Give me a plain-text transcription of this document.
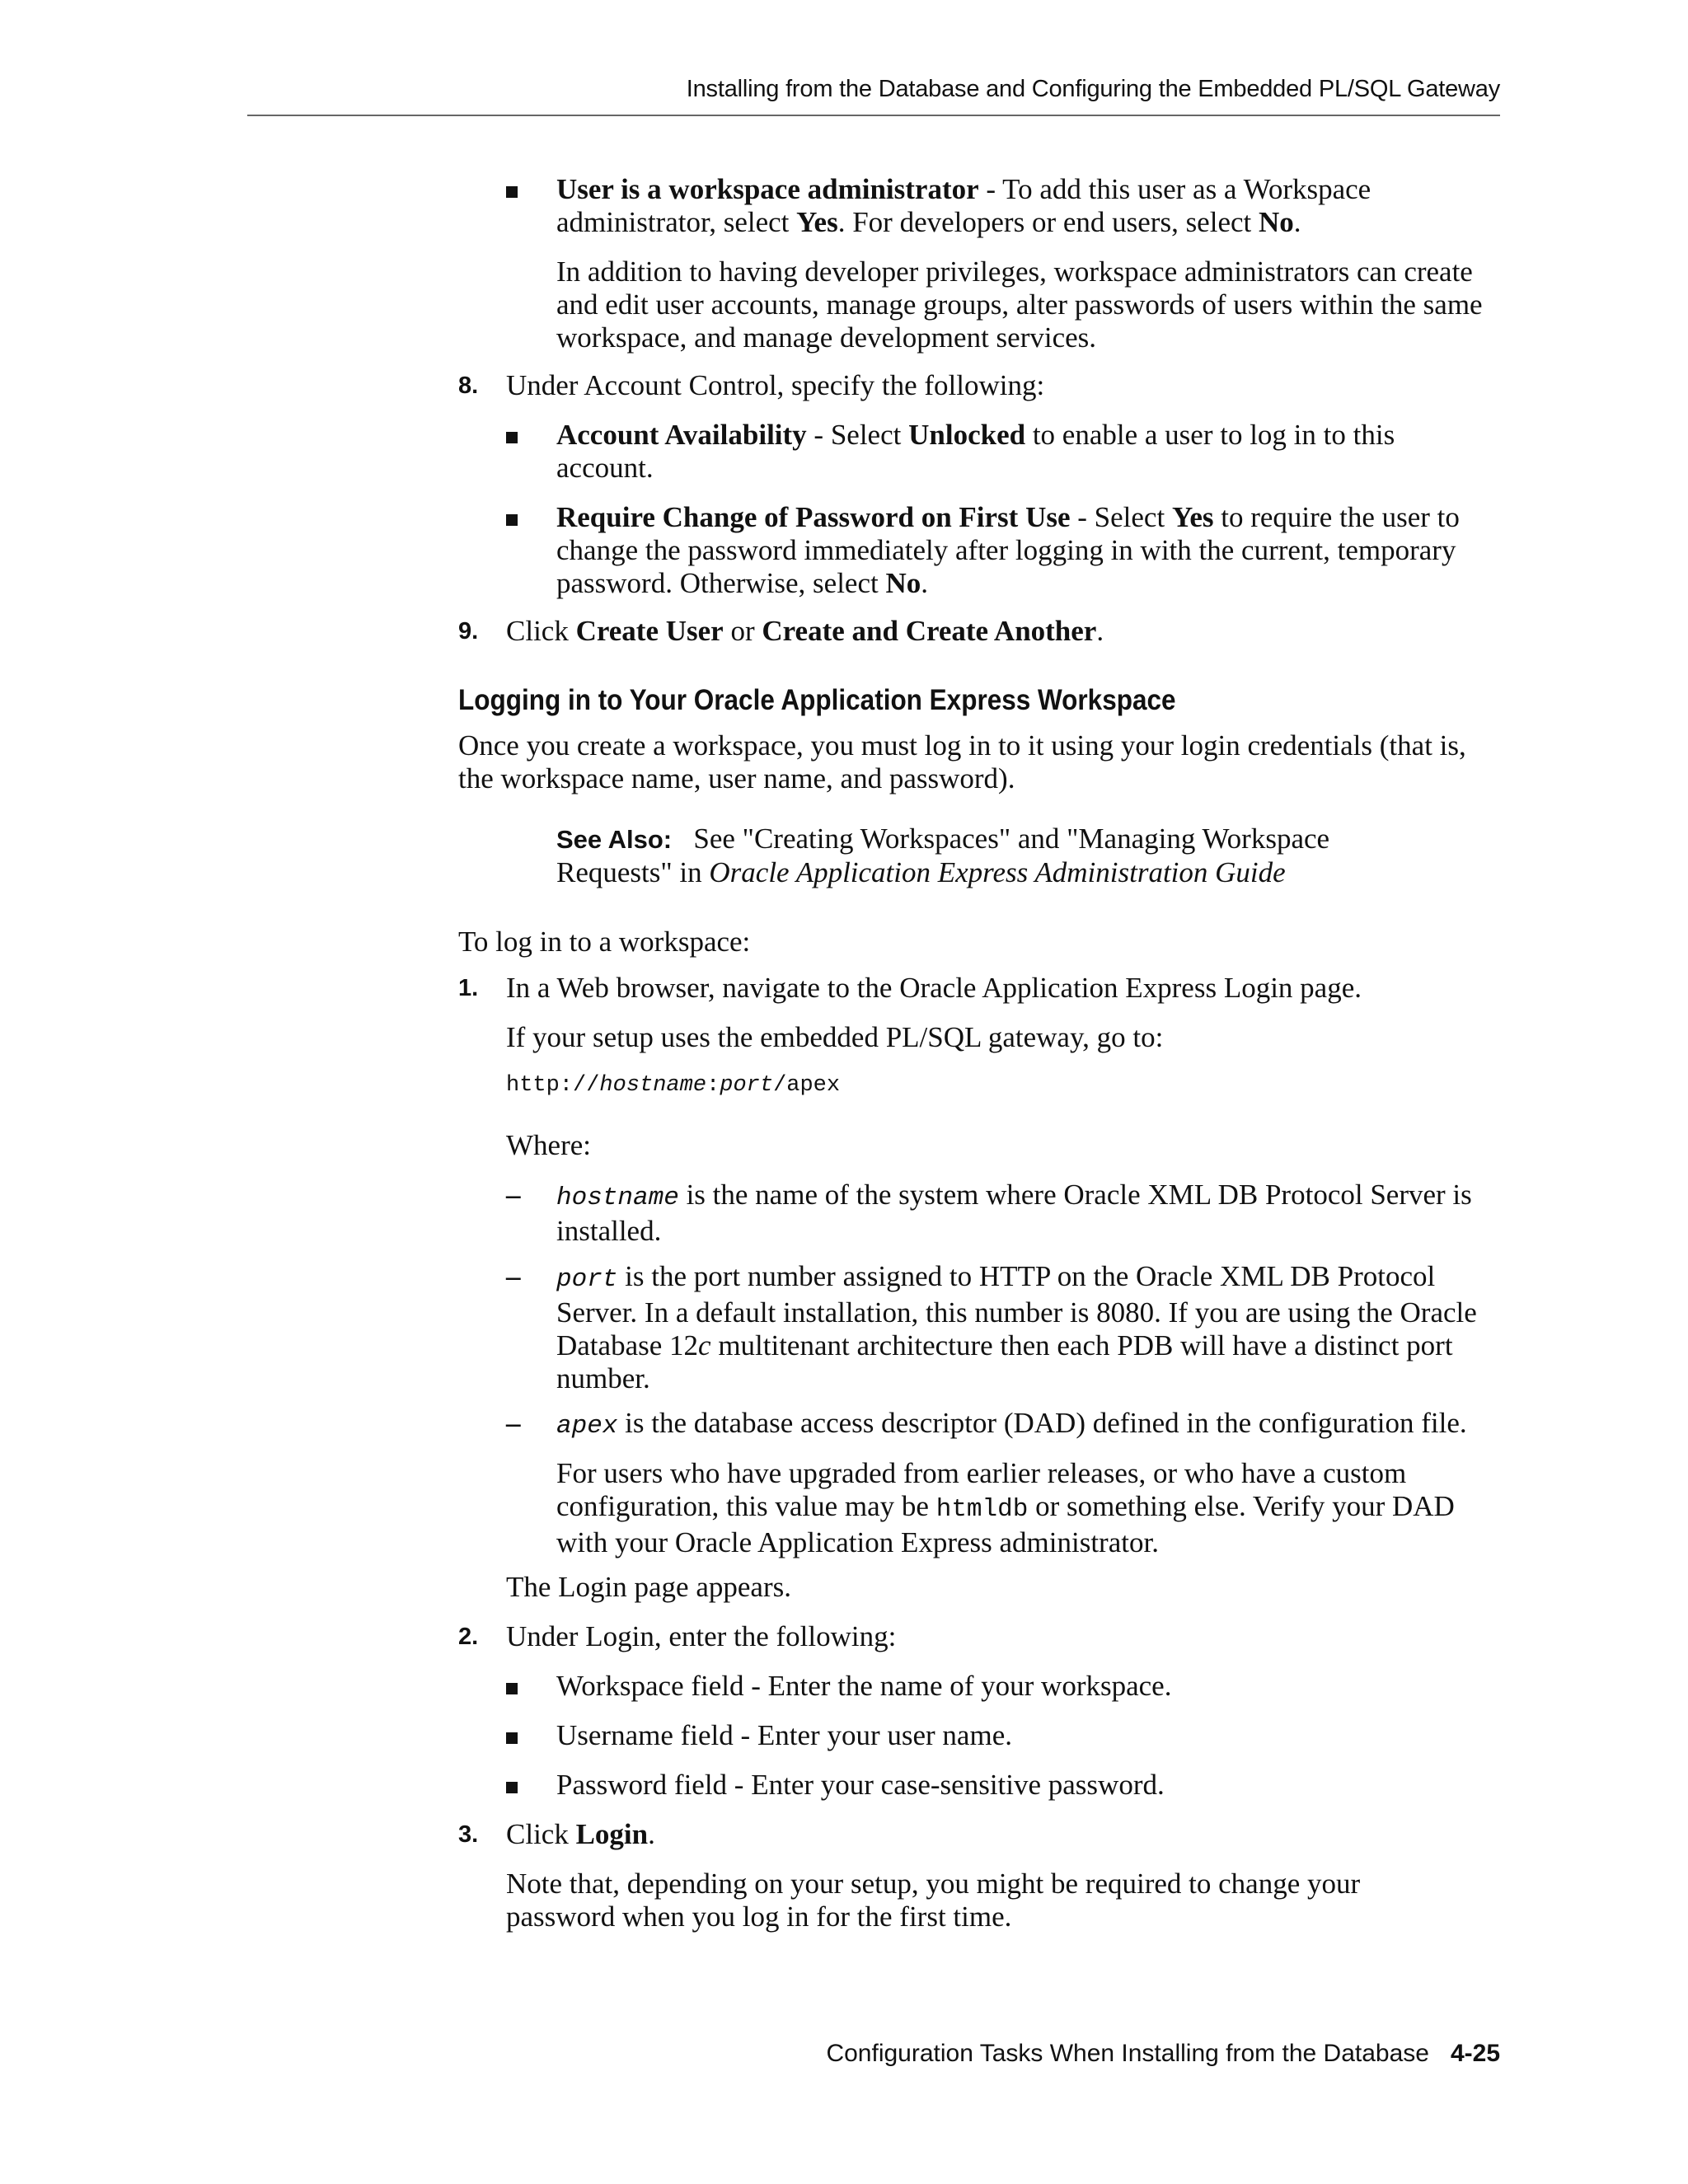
Installing from the Database and Configuring the Embedded PL/SQL Gateway
User is a workspace administrator - To add this user as a Workspace administrator, select Yes. For developers or end users, select No.
In addition to having developer privileges, workspace administrators can create and edit user accounts, manage groups, alter passwords of users within the same workspace, and manage development services.
8. Under Account Control, specify the following:
Account Availability - Select Unlocked to enable a user to log in to this account.
Require Change of Password on First Use - Select Yes to require the user to change the password immediately after logging in with the current, temporary password. Otherwise, select No.
9. Click Create User or Create and Create Another.
Logging in to Your Oracle Application Express Workspace
Once you create a workspace, you must log in to it using your login credentials (that is, the workspace name, user name, and password).
See Also: See "Creating Workspaces" and "Managing Workspace Requests" in Oracle Application Express Administration Guide
To log in to a workspace:
1. In a Web browser, navigate to the Oracle Application Express Login page.
If your setup uses the embedded PL/SQL gateway, go to:
http://hostname:port/apex
Where:
– hostname is the name of the system where Oracle XML DB Protocol Server is installed.
– port is the port number assigned to HTTP on the Oracle XML DB Protocol Server. In a default installation, this number is 8080. If you are using the Oracle Database 12c multitenant architecture then each PDB will have a distinct port number.
– apex is the database access descriptor (DAD) defined in the configuration file.
For users who have upgraded from earlier releases, or who have a custom configuration, this value may be htmldb or something else. Verify your DAD with your Oracle Application Express administrator.
The Login page appears.
2. Under Login, enter the following:
Workspace field - Enter the name of your workspace.
Username field - Enter your user name.
Password field - Enter your case-sensitive password.
3. Click Login.
Note that, depending on your setup, you might be required to change your password when you log in for the first time.
Configuration Tasks When Installing from the Database 4-25
